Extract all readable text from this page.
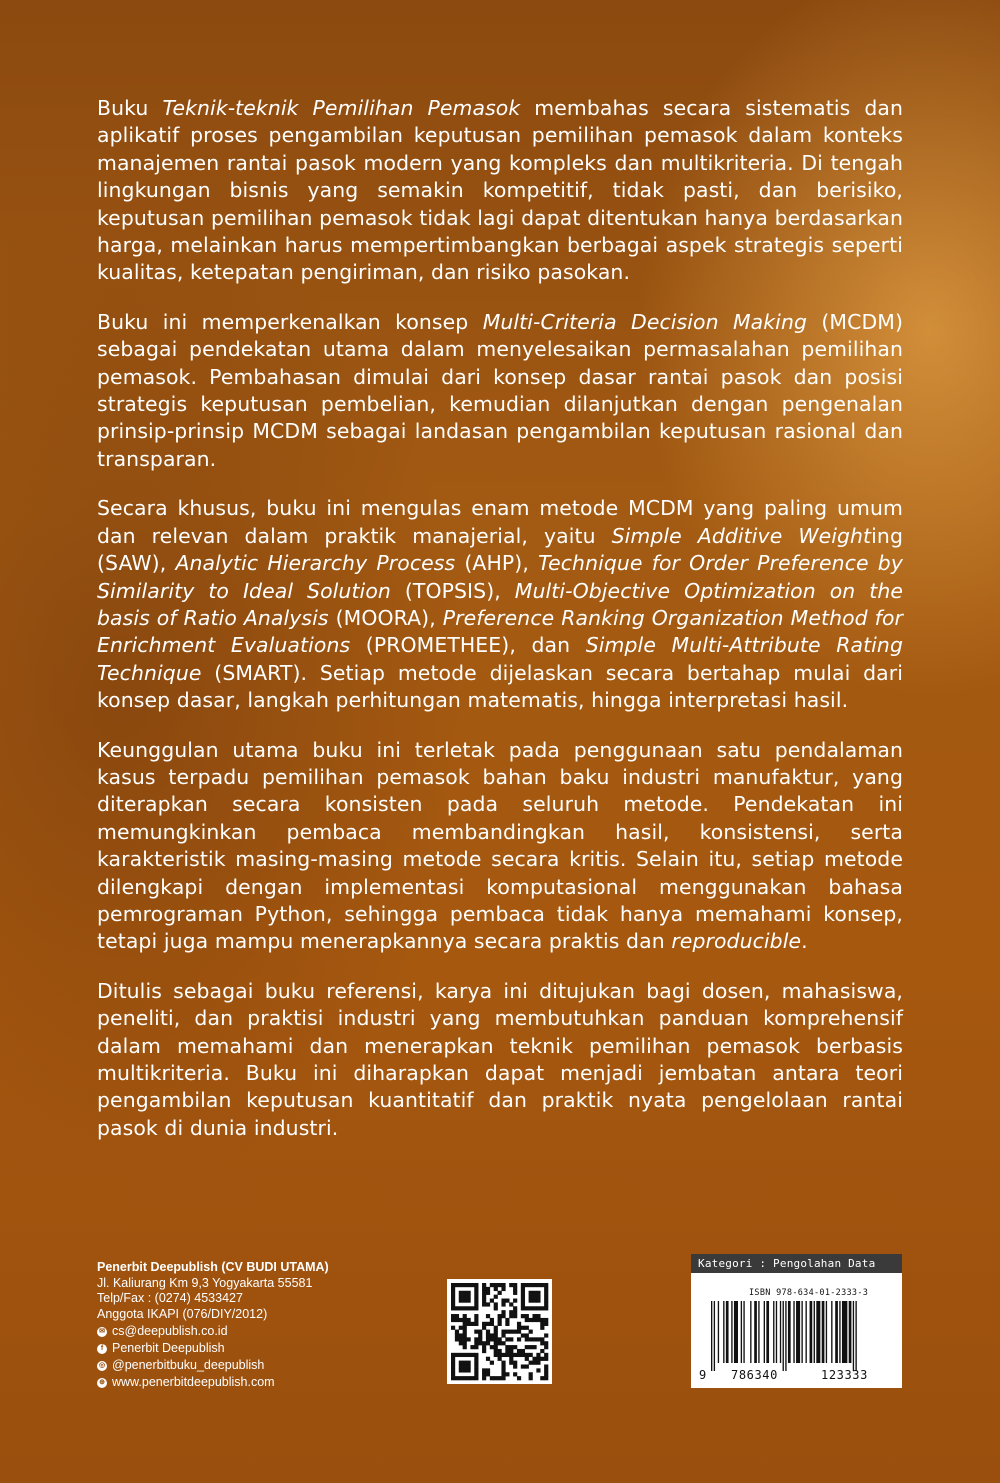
Buku Teknik-teknik Pemilihan Pemasok membahas secara sistematis dan aplikatif proses pengambilan keputusan pemilihan pemasok dalam konteks manajemen rantai pasok modern yang kompleks dan multikriteria. Di tengah lingkungan bisnis yang semakin kompetitif, tidak pasti, dan berisiko, keputusan pemilihan pemasok tidak lagi dapat ditentukan hanya berdasarkan harga, melainkan harus mempertimbangkan berbagai aspek strategis seperti kualitas, ketepatan pengiriman, dan risiko pasokan.

Buku ini memperkenalkan konsep Multi-Criteria Decision Making (MCDM) sebagai pendekatan utama dalam menyelesaikan permasalahan pemilihan pemasok. Pembahasan dimulai dari konsep dasar rantai pasok dan posisi strategis keputusan pembelian, kemudian dilanjutkan dengan pengenalan prinsip-prinsip MCDM sebagai landasan pengambilan keputusan rasional dan transparan.

Secara khusus, buku ini mengulas enam metode MCDM yang paling umum dan relevan dalam praktik manajerial, yaitu Simple Additive Weighting (SAW), Analytic Hierarchy Process (AHP), Technique for Order Preference by Similarity to Ideal Solution (TOPSIS), Multi-Objective Optimization on the basis of Ratio Analysis (MOORA), Preference Ranking Organization Method for Enrichment Evaluations (PROMETHEE), dan Simple Multi-Attribute Rating Technique (SMART). Setiap metode dijelaskan secara bertahap mulai dari konsep dasar, langkah perhitungan matematis, hingga interpretasi hasil.

Keunggulan utama buku ini terletak pada penggunaan satu pendalaman kasus terpadu pemilihan pemasok bahan baku industri manufaktur, yang diterapkan secara konsisten pada seluruh metode. Pendekatan ini memungkinkan pembaca membandingkan hasil, konsistensi, serta karakteristik masing-masing metode secara kritis. Selain itu, setiap metode dilengkapi dengan implementasi komputasional menggunakan bahasa pemrograman Python, sehingga pembaca tidak hanya memahami konsep, tetapi juga mampu menerapkannya secara praktis dan reproducible.

Ditulis sebagai buku referensi, karya ini ditujukan bagi dosen, mahasiswa, peneliti, dan praktisi industri yang membutuhkan panduan komprehensif dalam memahami dan menerapkan teknik pemilihan pemasok berbasis multikriteria. Buku ini diharapkan dapat menjadi jembatan antara teori pengambilan keputusan kuantitatif dan praktik nyata pengelolaan rantai pasok di dunia industri.

Penerbit Deepublish (CV BUDI UTAMA)
Jl. Kaliurang Km 9,3 Yogyakarta 55581
Telp/Fax : (0274) 4533427
Anggota IKAPI (076/DIY/2012)
✉ cs@deepublish.co.id
f Penerbit Deepublish
◎ @penerbitbuku_deepublish
⊕ www.penerbitdeepublish.com
Kategori : Pengolahan Data
ISBN 978-634-01-2333-3
9 786340	123333
